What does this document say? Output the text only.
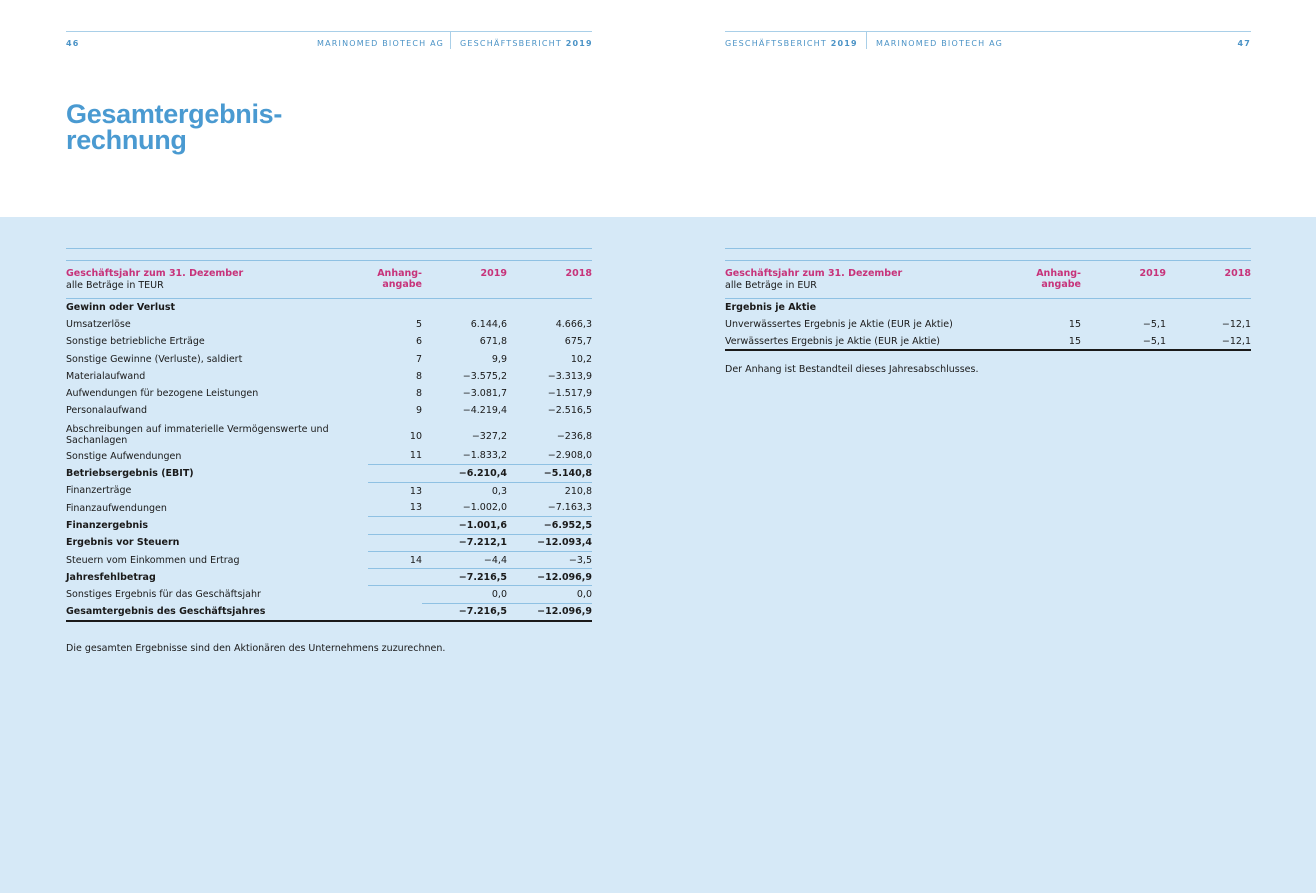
46	MARINOMED BIOTECH AG GESCHÄFTSBERICHT 2019
Gesamtergebnis-
rechnung

Geschäftsjahr zum 31. Dezember
alle Beträge in TEUR	Anhang-
angabe	2019	2018
Gewinn oder Verlust			
Umsatzerlöse	5	6.144,6	4.666,3
Sonstige betriebliche Erträge	6	671,8	675,7
Sonstige Gewinne (Verluste), saldiert	7	9,9	10,2
Materialaufwand	8	−3.575,2	−3.313,9
Aufwendungen für bezogene Leistungen	8	−3.081,7	−1.517,9
Personalaufwand	9	−4.219,4	−2.516,5
Abschreibungen auf immaterielle Vermögenswerte und Sachanlagen	10	−327,2	−236,8
Sonstige Aufwendungen	11	−1.833,2	−2.908,0
Betriebsergebnis (EBIT)		−6.210,4	−5.140,8
Finanzerträge	13	0,3	210,8
Finanzaufwendungen	13	−1.002,0	−7.163,3
Finanzergebnis		−1.001,6	−6.952,5
Ergebnis vor Steuern		−7.212,1	−12.093,4
Steuern vom Einkommen und Ertrag	14	−4,4	−3,5
Jahresfehlbetrag		−7.216,5	−12.096,9
Sonstiges Ergebnis für das Geschäftsjahr		0,0	0,0
Gesamtergebnis des Geschäftsjahres		−7.216,5	−12.096,9
Die gesamten Ergebnisse sind den Aktionären des Unternehmens zuzurechnen.
GESCHÄFTSBERICHT 2019 MARINOMED BIOTECH AG	47

Geschäftsjahr zum 31. Dezember
alle Beträge in EUR	Anhang-
angabe	2019	2018
Ergebnis je Aktie			
Unverwässertes Ergebnis je Aktie (EUR je Aktie)	15	−5,1	−12,1
Verwässertes Ergebnis je Aktie (EUR je Aktie)	15	−5,1	−12,1
Der Anhang ist Bestandteil dieses Jahresabschlusses.
